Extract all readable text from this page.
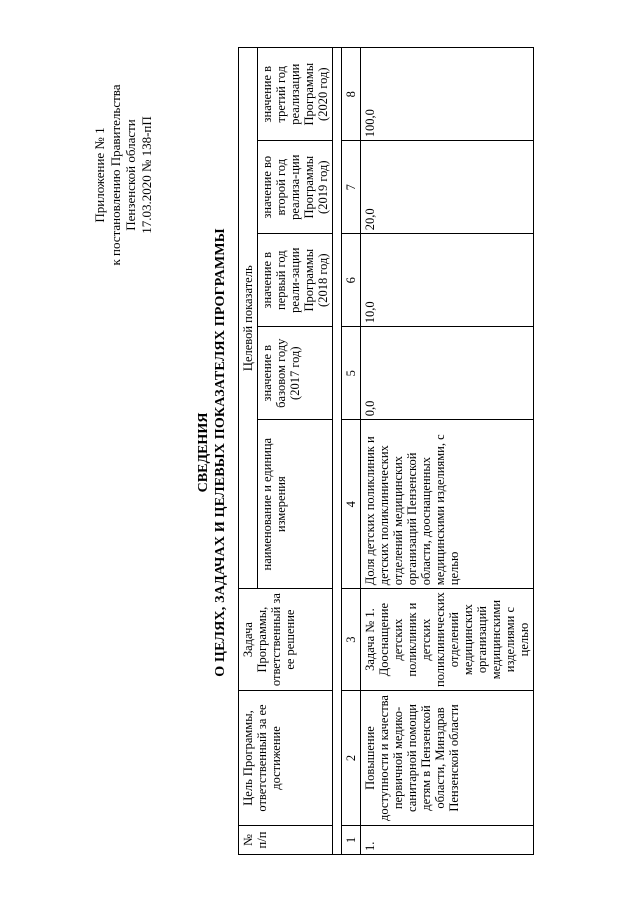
Приложение № 1 к постановлению Правительства Пензенской области 17.03.2020 № 138-пП
СВЕДЕНИЯ О ЦЕЛЯХ, ЗАДАЧАХ И ЦЕЛЕВЫХ ПОКАЗАТЕЛЯХ ПРОГРАММЫ
№ п/п	Цель Программы, ответственный за ее достижение	Задача Программы, ответственный за ее решение	Целевой показатель				
			наименование и единица измерения	значение в базовом году (2017 год)	значение в первый год реали-зации Программы (2018 год)	значение во второй год реализа-ции Программы (2019 год)	значение в третий год реализации Программы (2020 год)

1	2	3	4	5	6	7	8
1.	Повышение доступности и качества первичной медико-санитарной помощи детям в Пензенской области, Минздрав Пензенской области	Задача № 1. Дооснащение детских поликлиник и детских поликлинических отделений медицинских организаций медицинскими изделиями с целью	Доля детских поликлиник и детских поликлинических отделений медицинских организаций Пензенской области, дооснащенных медицинскими изделиями, с целью	0,0	10,0	20,0	100,0
